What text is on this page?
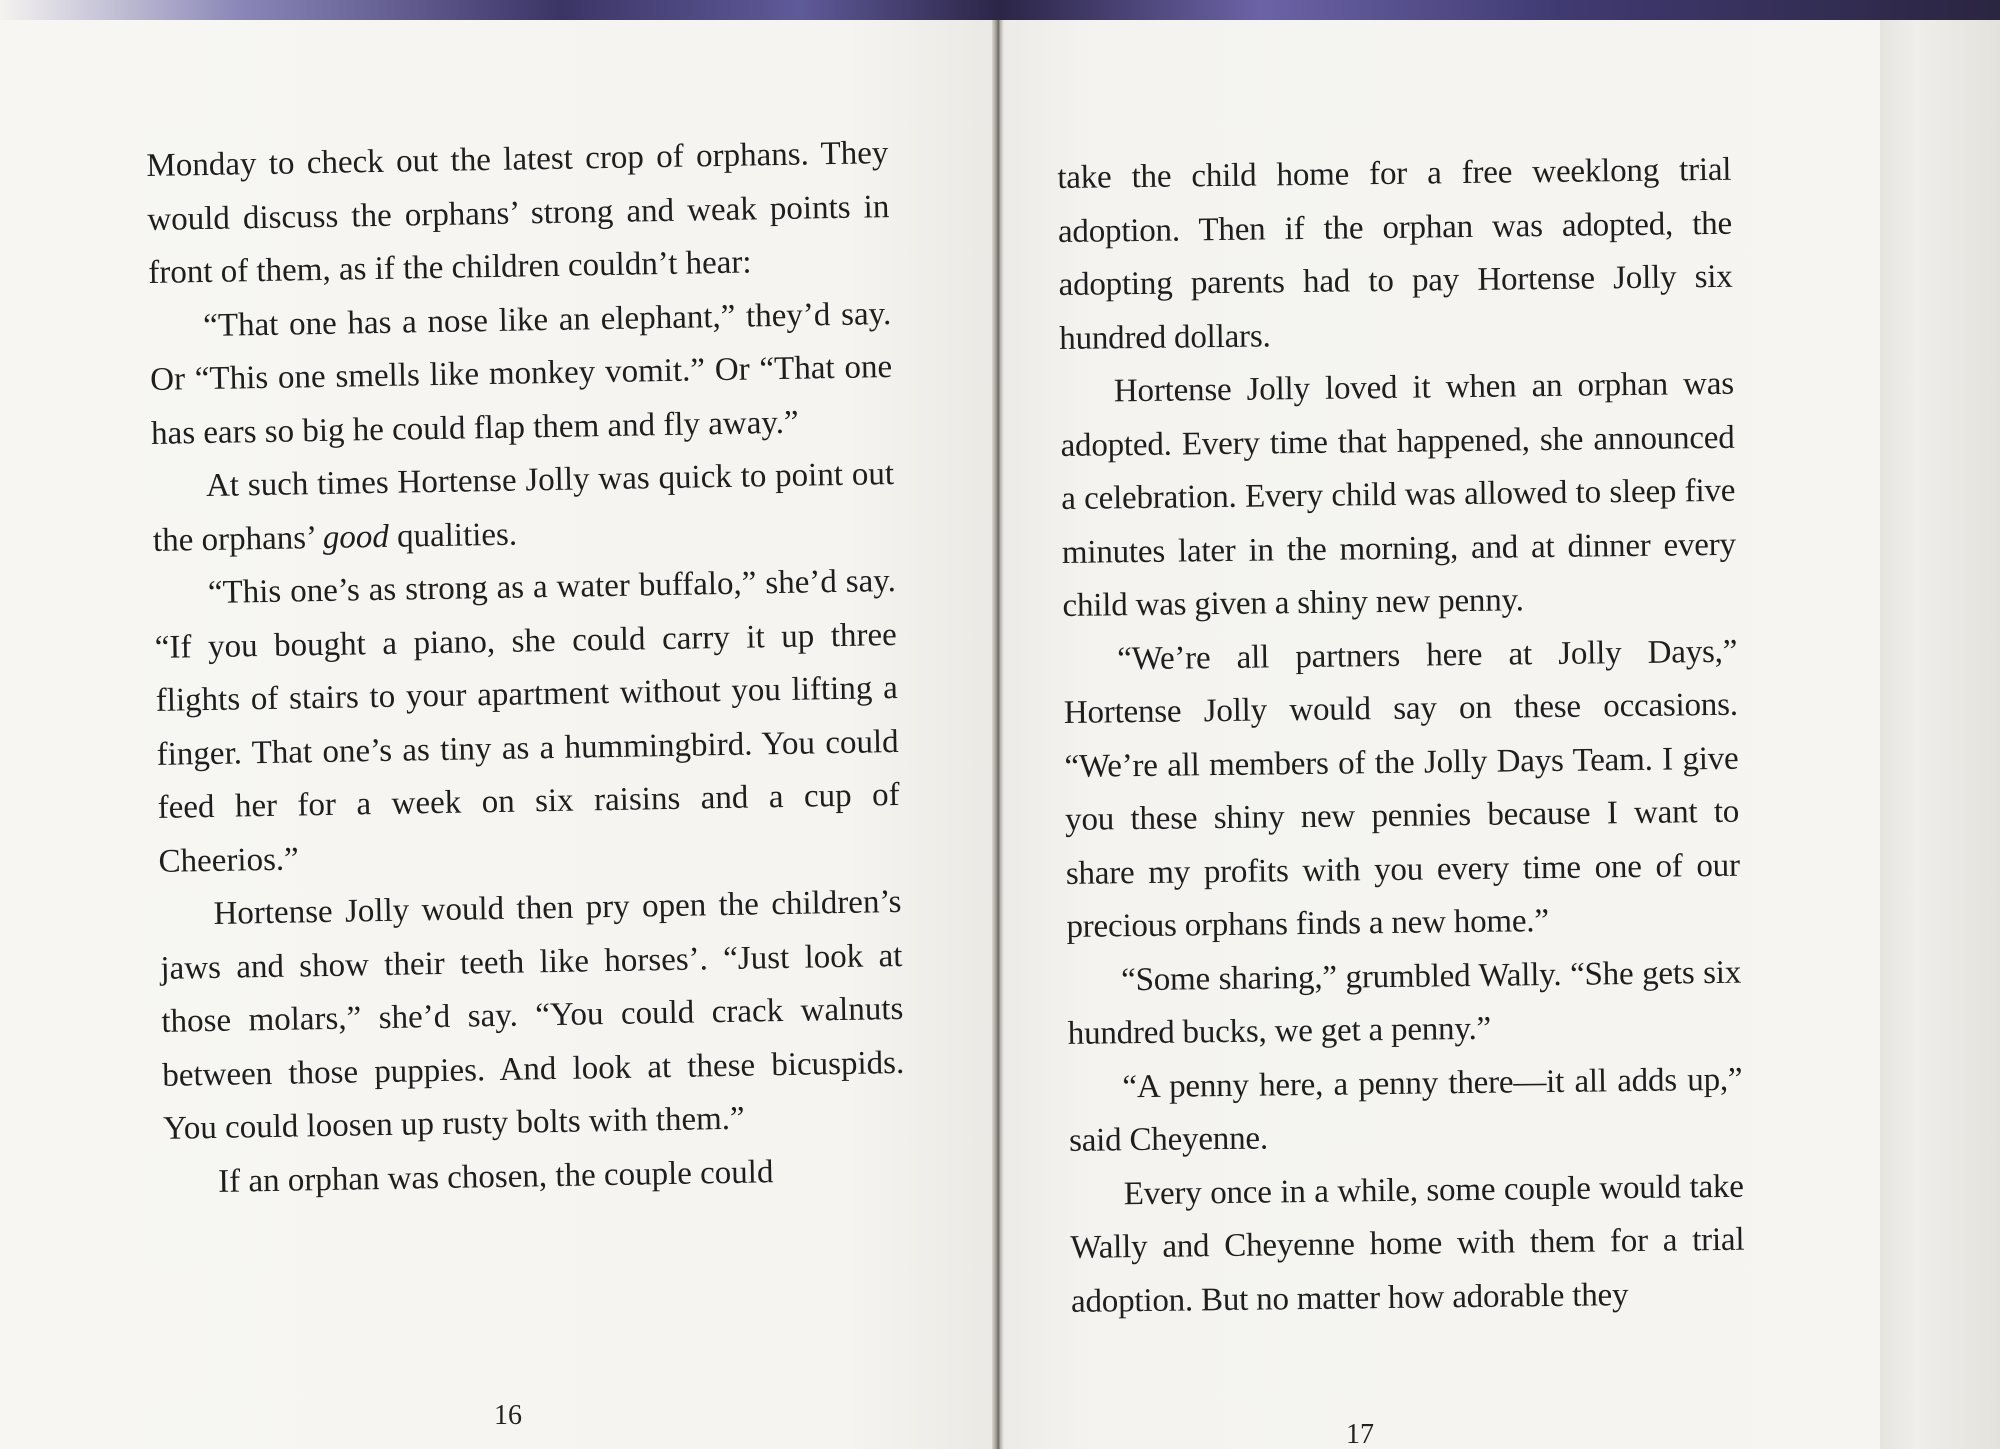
Monday to check out the latest crop of orphans. They would discuss the orphans’ strong and weak points in front of them, as if the children couldn’t hear:

“That one has a nose like an elephant,” they’d say. Or “This one smells like monkey vomit.” Or “That one has ears so big he could flap them and fly away.”

At such times Hortense Jolly was quick to point out the orphans’ good qualities.

“This one’s as strong as a water buffalo,” she’d say. “If you bought a piano, she could carry it up three flights of stairs to your apartment without you lifting a finger. That one’s as tiny as a hummingbird. You could feed her for a week on six raisins and a cup of Cheerios.”

Hortense Jolly would then pry open the children’s jaws and show their teeth like horses’. “Just look at those molars,” she’d say. “You could crack walnuts between those puppies. And look at these bicuspids. You could loosen up rusty bolts with them.”

If an orphan was chosen, the couple could

take the child home for a free weeklong trial adoption. Then if the orphan was adopted, the adopting parents had to pay Hortense Jolly six hundred dollars.

Hortense Jolly loved it when an orphan was adopted. Every time that happened, she announced a celebration. Every child was allowed to sleep five minutes later in the morning, and at dinner every child was given a shiny new penny.

“We’re all partners here at Jolly Days,” Hortense Jolly would say on these occasions. “We’re all members of the Jolly Days Team. I give you these shiny new pennies because I want to share my profits with you every time one of our precious orphans finds a new home.”

“Some sharing,” grumbled Wally. “She gets six hundred bucks, we get a penny.”

“A penny here, a penny there—it all adds up,” said Cheyenne.

Every once in a while, some couple would take Wally and Cheyenne home with them for a trial adoption. But no matter how adorable they

16
17
